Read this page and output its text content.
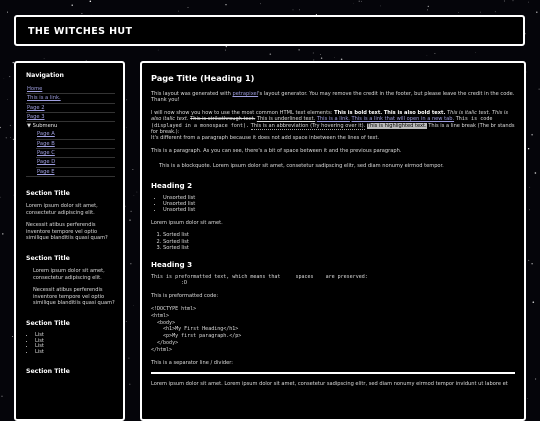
THE WITCHES HUT
Navigation
Home
This is a link.
Page 2
Page 3
▼ Submenu
Page A
Page B
Page C
Page D
Page E
Section Title

Lorem ipsum dolor sit amet, consectetur adipiscing elit.

Necessit atibus perferendis inventore tempore vel optio similique blanditiis quasi quam?

Section Title

Lorem ipsum dolor sit amet, consectetur adipiscing elit.

Necessit atibus perferendis inventore tempore vel optio similique blanditiis quasi quam?

Section Title
• List
• List
• List
• List
Section Title
Page Title (Heading 1)

This layout was generated with petrapixel's layout generator. You may remove the credit in the footer, but please leave the credit in the code. Thank you!

I will now show you how to use the most common HTML text elements: This is bold text. This is also bold text. This is italic text. This is also italic text. This is strikethrough text. This is underlined text. This is a link. This is a link that will open in a new tab. This is code (displayed in a monospace font). This is an abbreviation (Try hovering over it). This is highlighted text. This is a line break (The br stands for break.):
It's different from a paragraph because it does not add space inbetween the lines of text.

This is a paragraph. As you can see, there's a bit of space between it and the previous paragraph.

This is a blockquote. Lorem ipsum dolor sit amet, consetetur sadipscing elitr, sed diam nonumy eirmod tempor.
Heading 2
• Unsorted list
• Unsorted list
• Unsorted list

Lorem ipsum dolor sit amet.

1. Sorted list
2. Sorted list
3. Sorted list
Heading 3
This is preformatted text, which means that     spaces    are preserved:
:D

This is preformatted code:

<!DOCTYPE html>
<html>
<body>
<h1>My First Heading</h1>
<p>My first paragraph.</p>
</body>
</html>

This is a separator line / divider:

Lorem ipsum dolor sit amet. Lorem ipsum dolor sit amet, consetetur sadipscing elitr, sed diam nonumy eirmod tempor invidunt ut labore et
